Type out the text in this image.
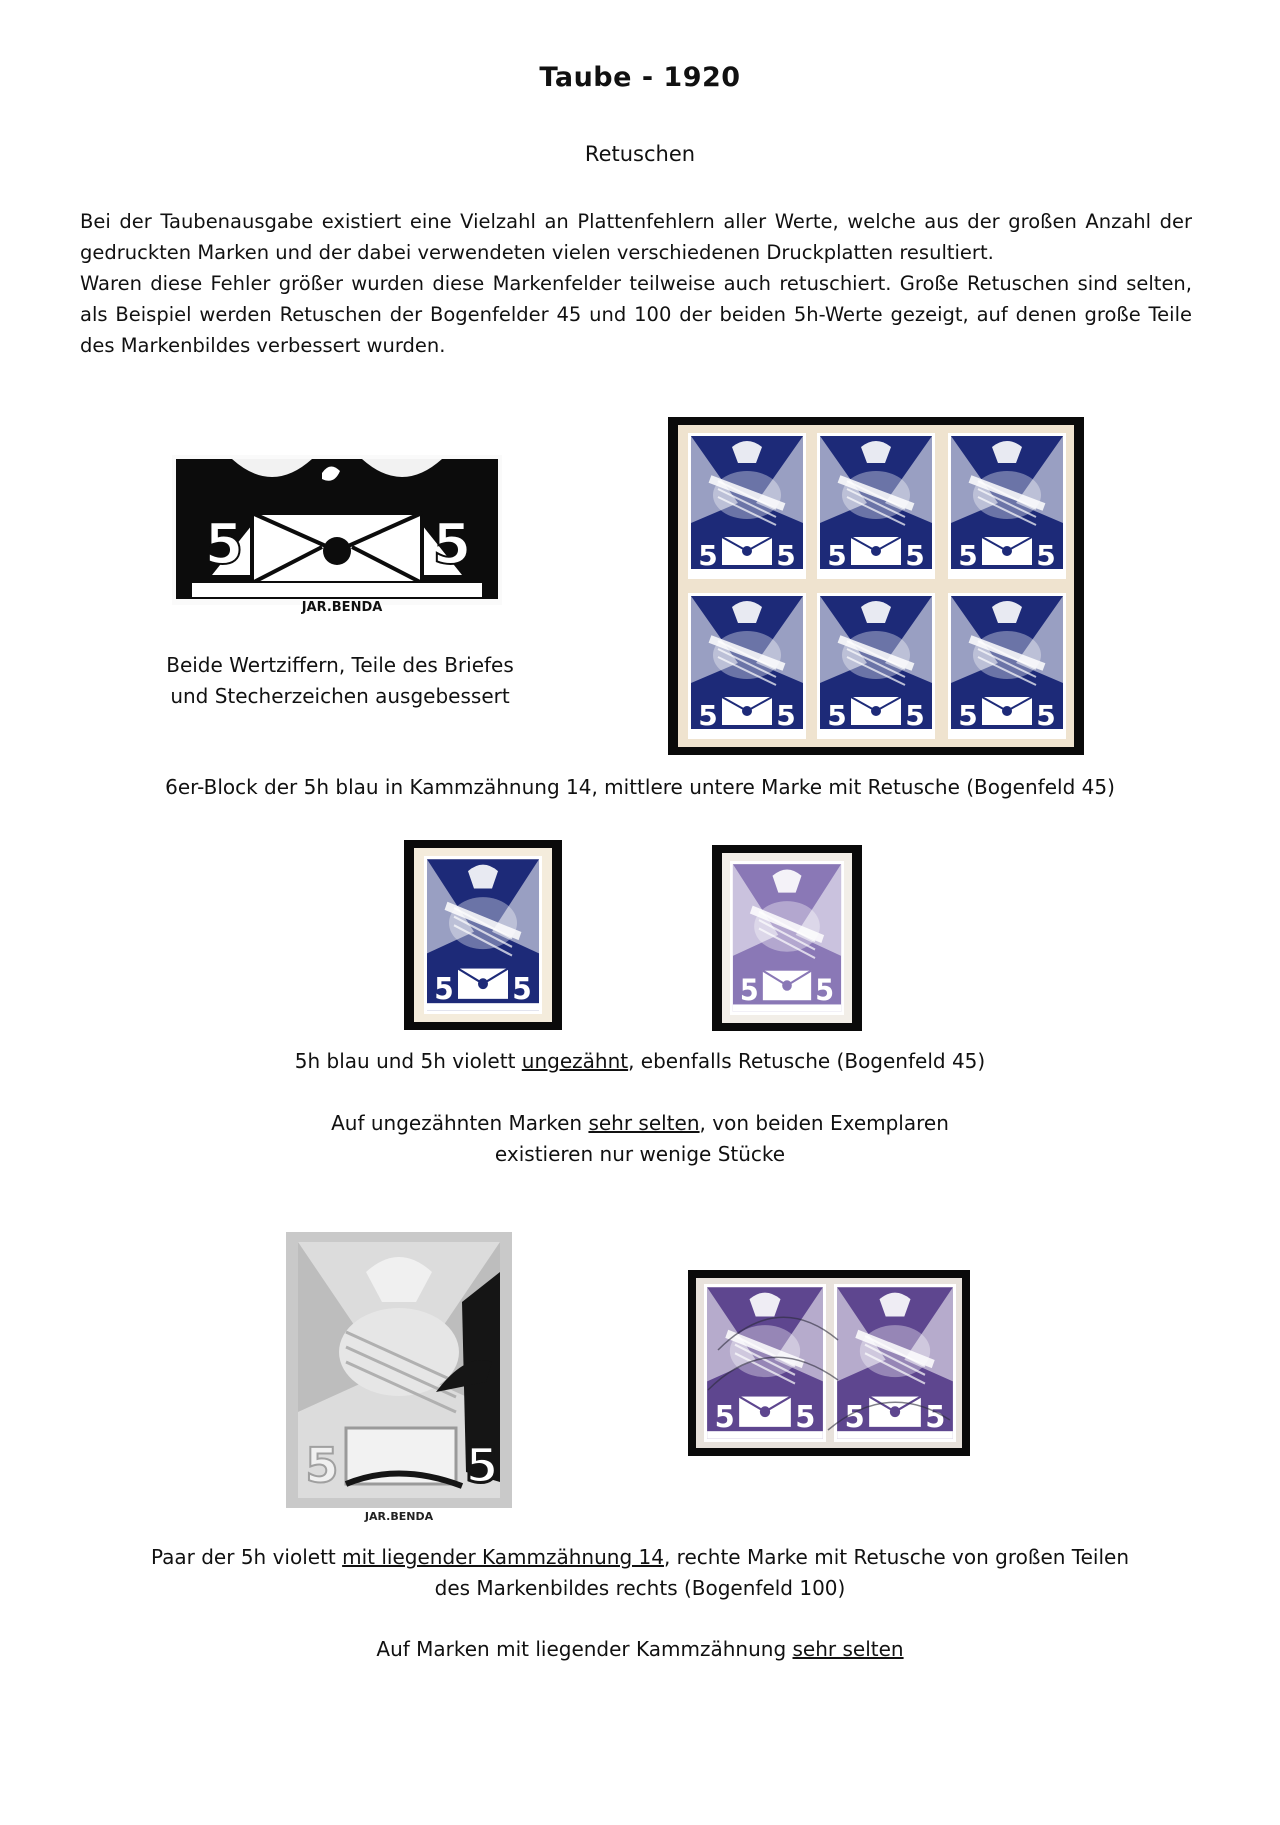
Taube - 1920
Retuschen

Bei der Taubenausgabe existiert eine Vielzahl an Plattenfehlern aller Werte, welche aus der großen Anzahl der gedruckten Marken und der dabei verwendeten vielen verschiedenen Druckplatten resultiert.

Waren diese Fehler größer wurden diese Markenfelder teilweise auch retuschiert. Große Retuschen sind selten, als Beispiel werden Retuschen der Bogenfelder 45 und 100 der beiden 5h-Werte gezeigt, auf denen große Teile des Markenbildes verbessert wurden.

5	5
JAR.BENDA
Beide Wertziffern, Teile des Briefes
und Stecherzeichen ausgebessert
6er-Block der 5h blau in Kammzähnung 14, mittlere untere Marke mit Retusche (Bogenfeld 45)
5h blau und 5h violett ungezähnt, ebenfalls Retusche (Bogenfeld 45)
Auf ungezähnten Marken sehr selten, von beiden Exemplaren
existieren nur wenige Stücke
5	5
JAR.BENDA
Paar der 5h violett mit liegender Kammzähnung 14, rechte Marke mit Retusche von großen Teilen
des Markenbildes rechts (Bogenfeld 100)
Auf Marken mit liegender Kammzähnung sehr selten
